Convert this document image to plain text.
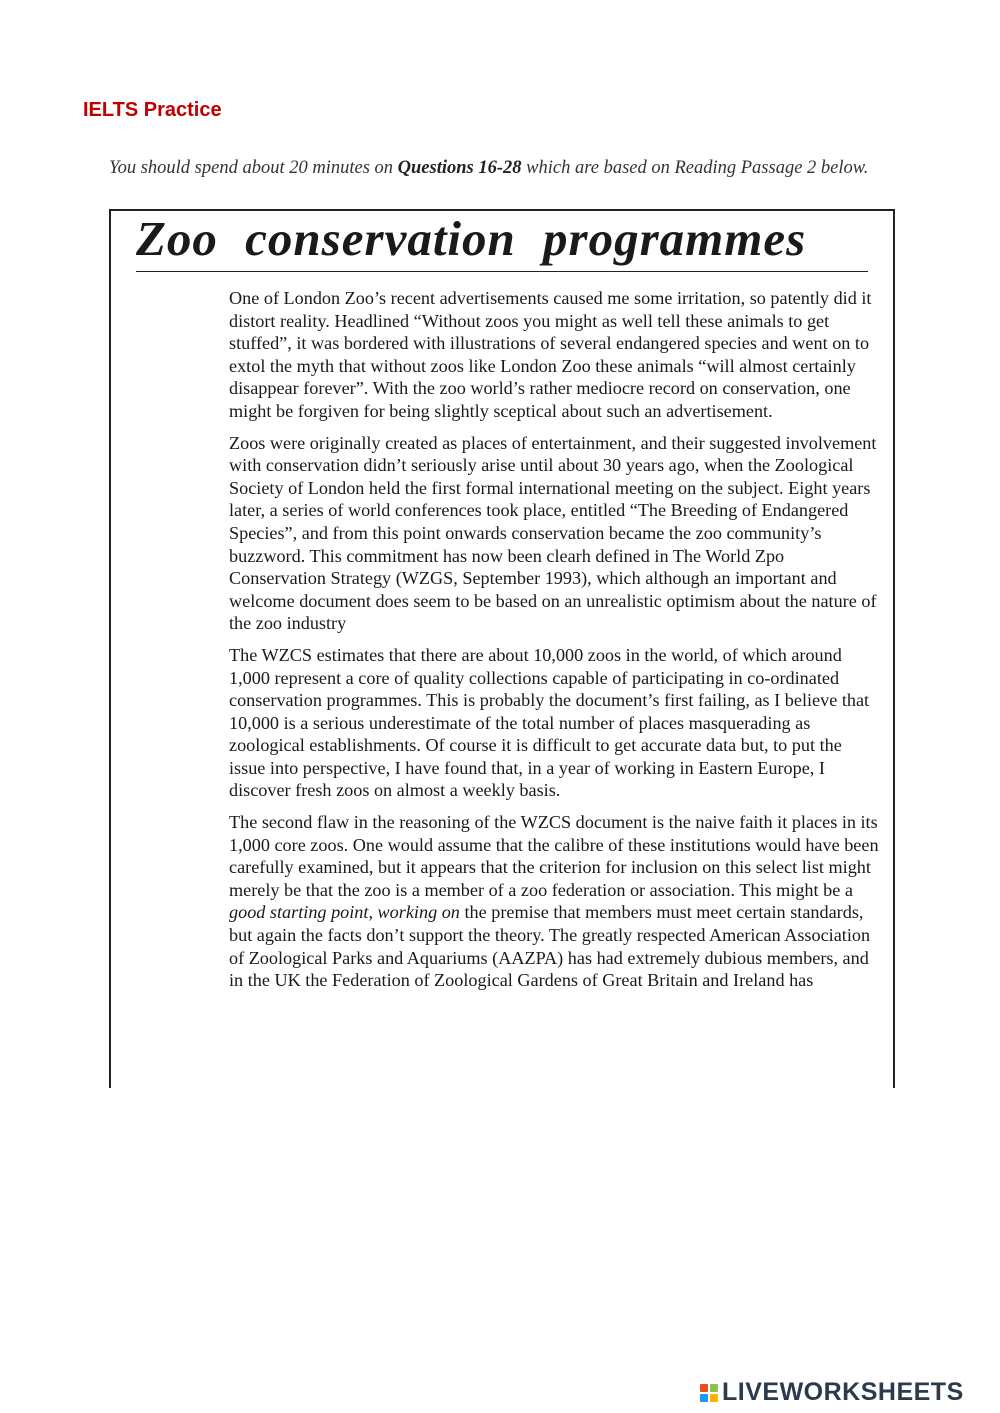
IELTS Practice

You should spend about 20 minutes on Questions 16-28 which are based on Reading Passage 2 below.

Zoo conservation programmes

One of London Zoo’s recent advertisements caused me some irritation, so patently did it distort reality. Headlined “Without zoos you might as well tell these animals to get stuffed”, it was bordered with illustrations of several endangered species and went on to extol the myth that without zoos like London Zoo these animals “will almost certainly disappear forever”. With the zoo world’s rather mediocre record on conservation, one might be forgiven for being slightly sceptical about such an advertisement.

Zoos were originally created as places of entertainment, and their suggested involvement with conservation didn’t seriously arise until about 30 years ago, when the Zoological Society of London held the first formal international meeting on the subject. Eight years later, a series of world conferences took place, entitled “The Breeding of Endangered Species”, and from this point onwards conservation became the zoo community’s buzzword. This commitment has now been clearh defined in The World Zpo Conservation Strategy (WZGS, September 1993), which although an important and welcome document does seem to be based on an unrealistic optimism about the nature of the zoo industry

The WZCS estimates that there are about 10,000 zoos in the world, of which around 1,000 represent a core of quality collections capable of participating in co-ordinated conservation programmes. This is probably the document’s first failing, as I believe that 10,000 is a serious underestimate of the total number of places masquerading as zoological establishments. Of course it is difficult to get accurate data but, to put the issue into perspective, I have found that, in a year of working in Eastern Europe, I discover fresh zoos on almost a weekly basis.

The second flaw in the reasoning of the WZCS document is the naive faith it places in its 1,000 core zoos. One would assume that the calibre of these institutions would have been carefully examined, but it appears that the criterion for inclusion on this select list might merely be that the zoo is a member of a zoo federation or association. This might be a good starting point, working on the premise that members must meet certain standards, but again the facts don’t support the theory. The greatly respected American Association of Zoological Parks and Aquariums (AAZPA) has had extremely dubious members, and in the UK the Federation of Zoological Gardens of Great Britain and Ireland has

LIVEWORKSHEETS
